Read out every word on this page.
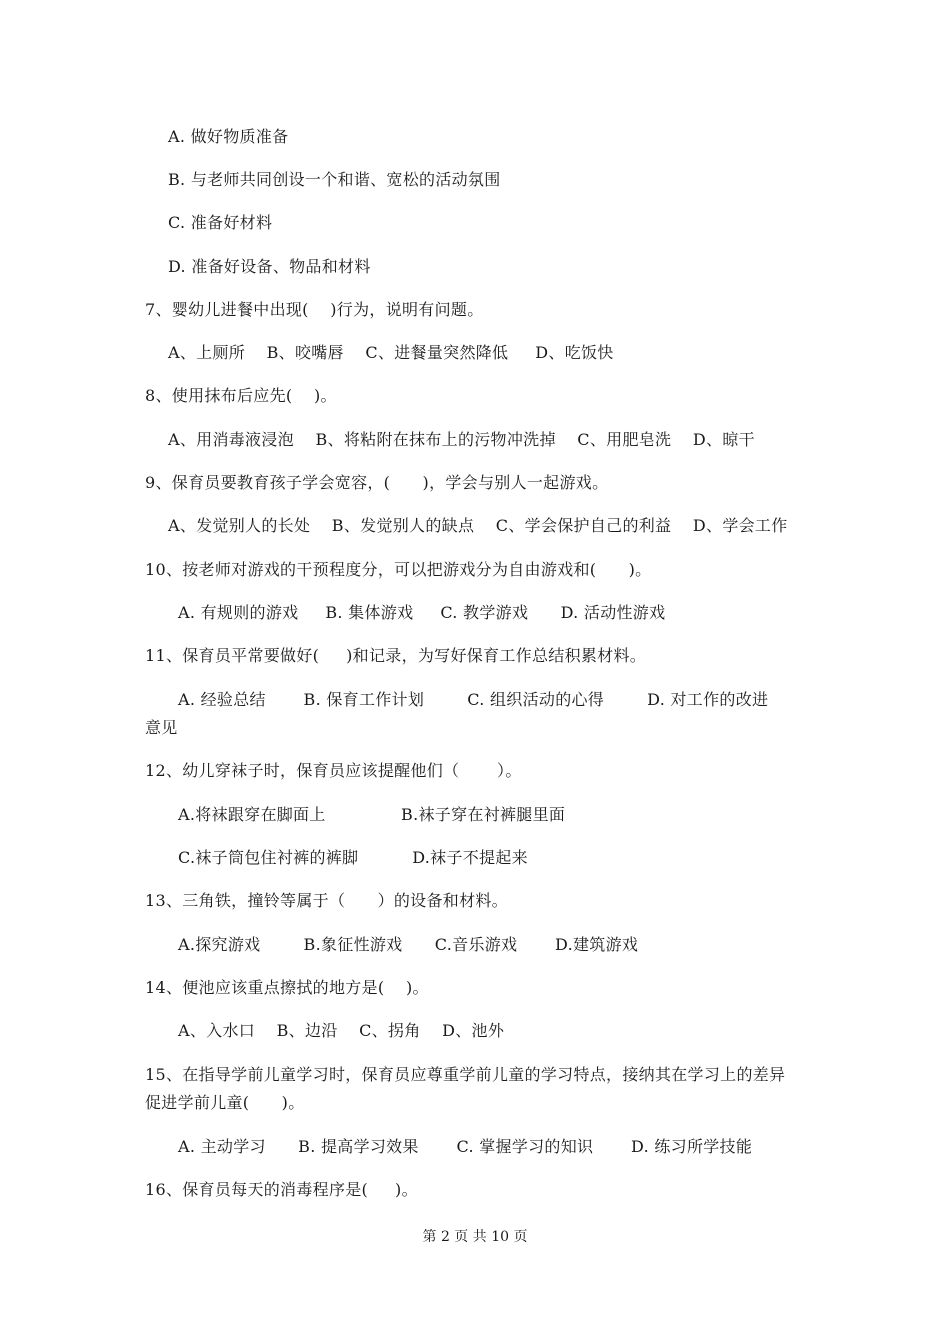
A. 做好物质准备
B. 与老师共同创设一个和谐、宽松的活动氛围
C. 准备好材料
D. 准备好设备、物品和材料
7、婴幼儿进餐中出现(    )行为，说明有问题。
A、上厕所    B、咬嘴唇    C、进餐量突然降低     D、吃饭快
8、使用抹布后应先(    )。
A、用消毒液浸泡    B、将粘附在抹布上的污物冲洗掉    C、用肥皂洗    D、晾干
9、保育员要教育孩子学会宽容，(      )，学会与别人一起游戏。
A、发觉别人的长处    B、发觉别人的缺点    C、学会保护自己的利益    D、学会工作
10、按老师对游戏的干预程度分，可以把游戏分为自由游戏和(      )。
A. 有规则的游戏     B. 集体游戏     C. 教学游戏      D. 活动性游戏
11、保育员平常要做好(     )和记录，为写好保育工作总结积累材料。
A. 经验总结       B. 保育工作计划        C. 组织活动的心得        D. 对工作的改进
意见
12、幼儿穿袜子时，保育员应该提醒他们（       ）。
A.将袜跟穿在脚面上              B.袜子穿在衬裤腿里面
C.袜子筒包住衬裤的裤脚          D.袜子不提起来
13、三角铁，撞铃等属于（      ）的设备和材料。
A.探究游戏        B.象征性游戏      C.音乐游戏       D.建筑游戏
14、便池应该重点擦拭的地方是(    )。
A、入水口    B、边沿    C、拐角    D、池外
15、在指导学前儿童学习时，保育员应尊重学前儿童的学习特点，接纳其在学习上的差异
促进学前儿童(      )。
A. 主动学习      B. 提高学习效果       C. 掌握学习的知识       D. 练习所学技能
16、保育员每天的消毒程序是(     )。
第 2 页 共 10 页
